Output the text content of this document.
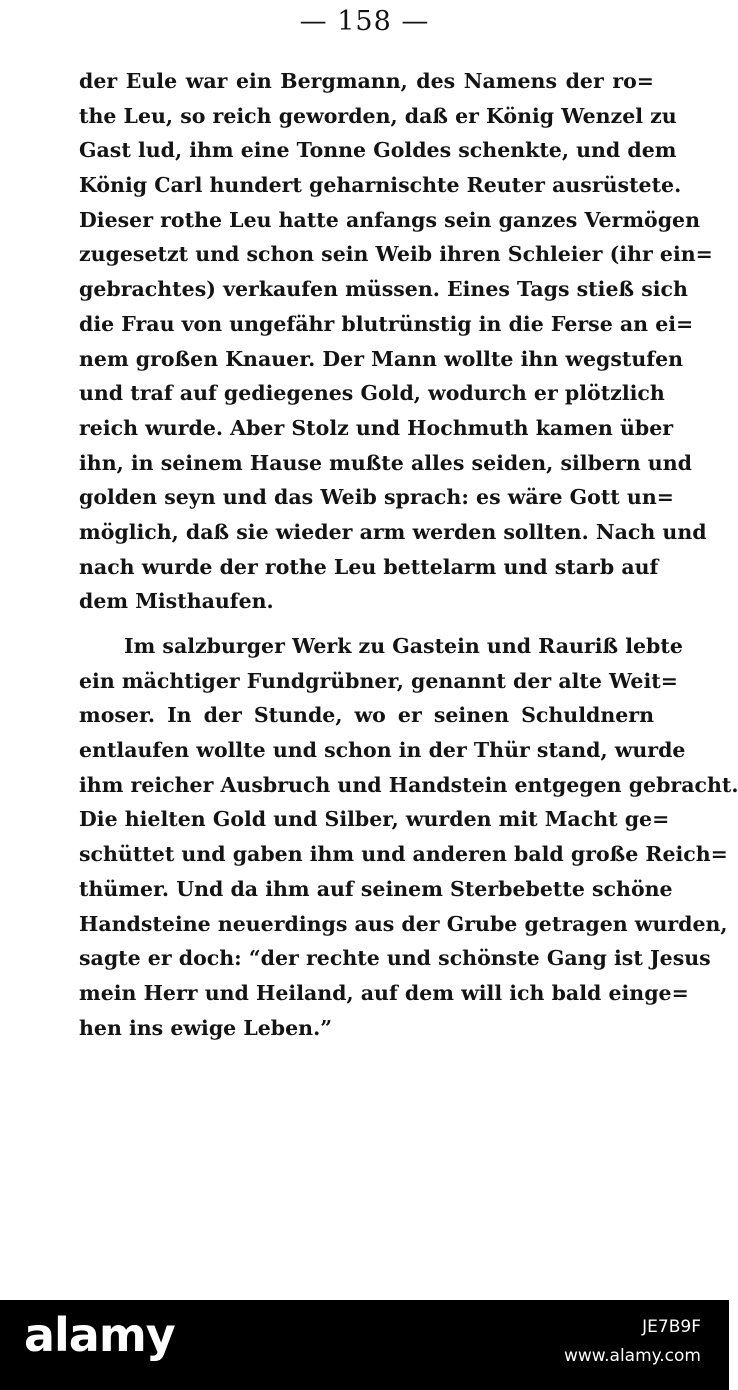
— 158 —
der Eule war ein Bergmann, des Namens der ro=
the Leu, so reich geworden, daß er König Wenzel zu
Gast lud, ihm eine Tonne Goldes schenkte, und dem
König Carl hundert geharnischte Reuter ausrüstete.
Dieser rothe Leu hatte anfangs sein ganzes Vermögen
zugesetzt und schon sein Weib ihren Schleier (ihr ein=
gebrachtes) verkaufen müssen. Eines Tags stieß sich
die Frau von ungefähr blutrünstig in die Ferse an ei=
nem großen Knauer. Der Mann wollte ihn wegstufen
und traf auf gediegenes Gold, wodurch er plötzlich
reich wurde. Aber Stolz und Hochmuth kamen über
ihn, in seinem Hause mußte alles seiden, silbern und
golden seyn und das Weib sprach: es wäre Gott un=
möglich, daß sie wieder arm werden sollten. Nach und
nach wurde der rothe Leu bettelarm und starb auf
dem Misthaufen.
Im salzburger Werk zu Gastein und Rauriß lebte
ein mächtiger Fundgrübner, genannt der alte Weit=
moser. In der Stunde, wo er seinen Schuldnern
entlaufen wollte und schon in der Thür stand, wurde
ihm reicher Ausbruch und Handstein entgegen gebracht.
Die hielten Gold und Silber, wurden mit Macht ge=
schüttet und gaben ihm und anderen bald große Reich=
thümer. Und da ihm auf seinem Sterbebette schöne
Handsteine neuerdings aus der Grube getragen wurden,
sagte er doch: “der rechte und schönste Gang ist Jesus
mein Herr und Heiland, auf dem will ich bald einge=
hen ins ewige Leben.”
alamy	JE7B9F
www.alamy.com
